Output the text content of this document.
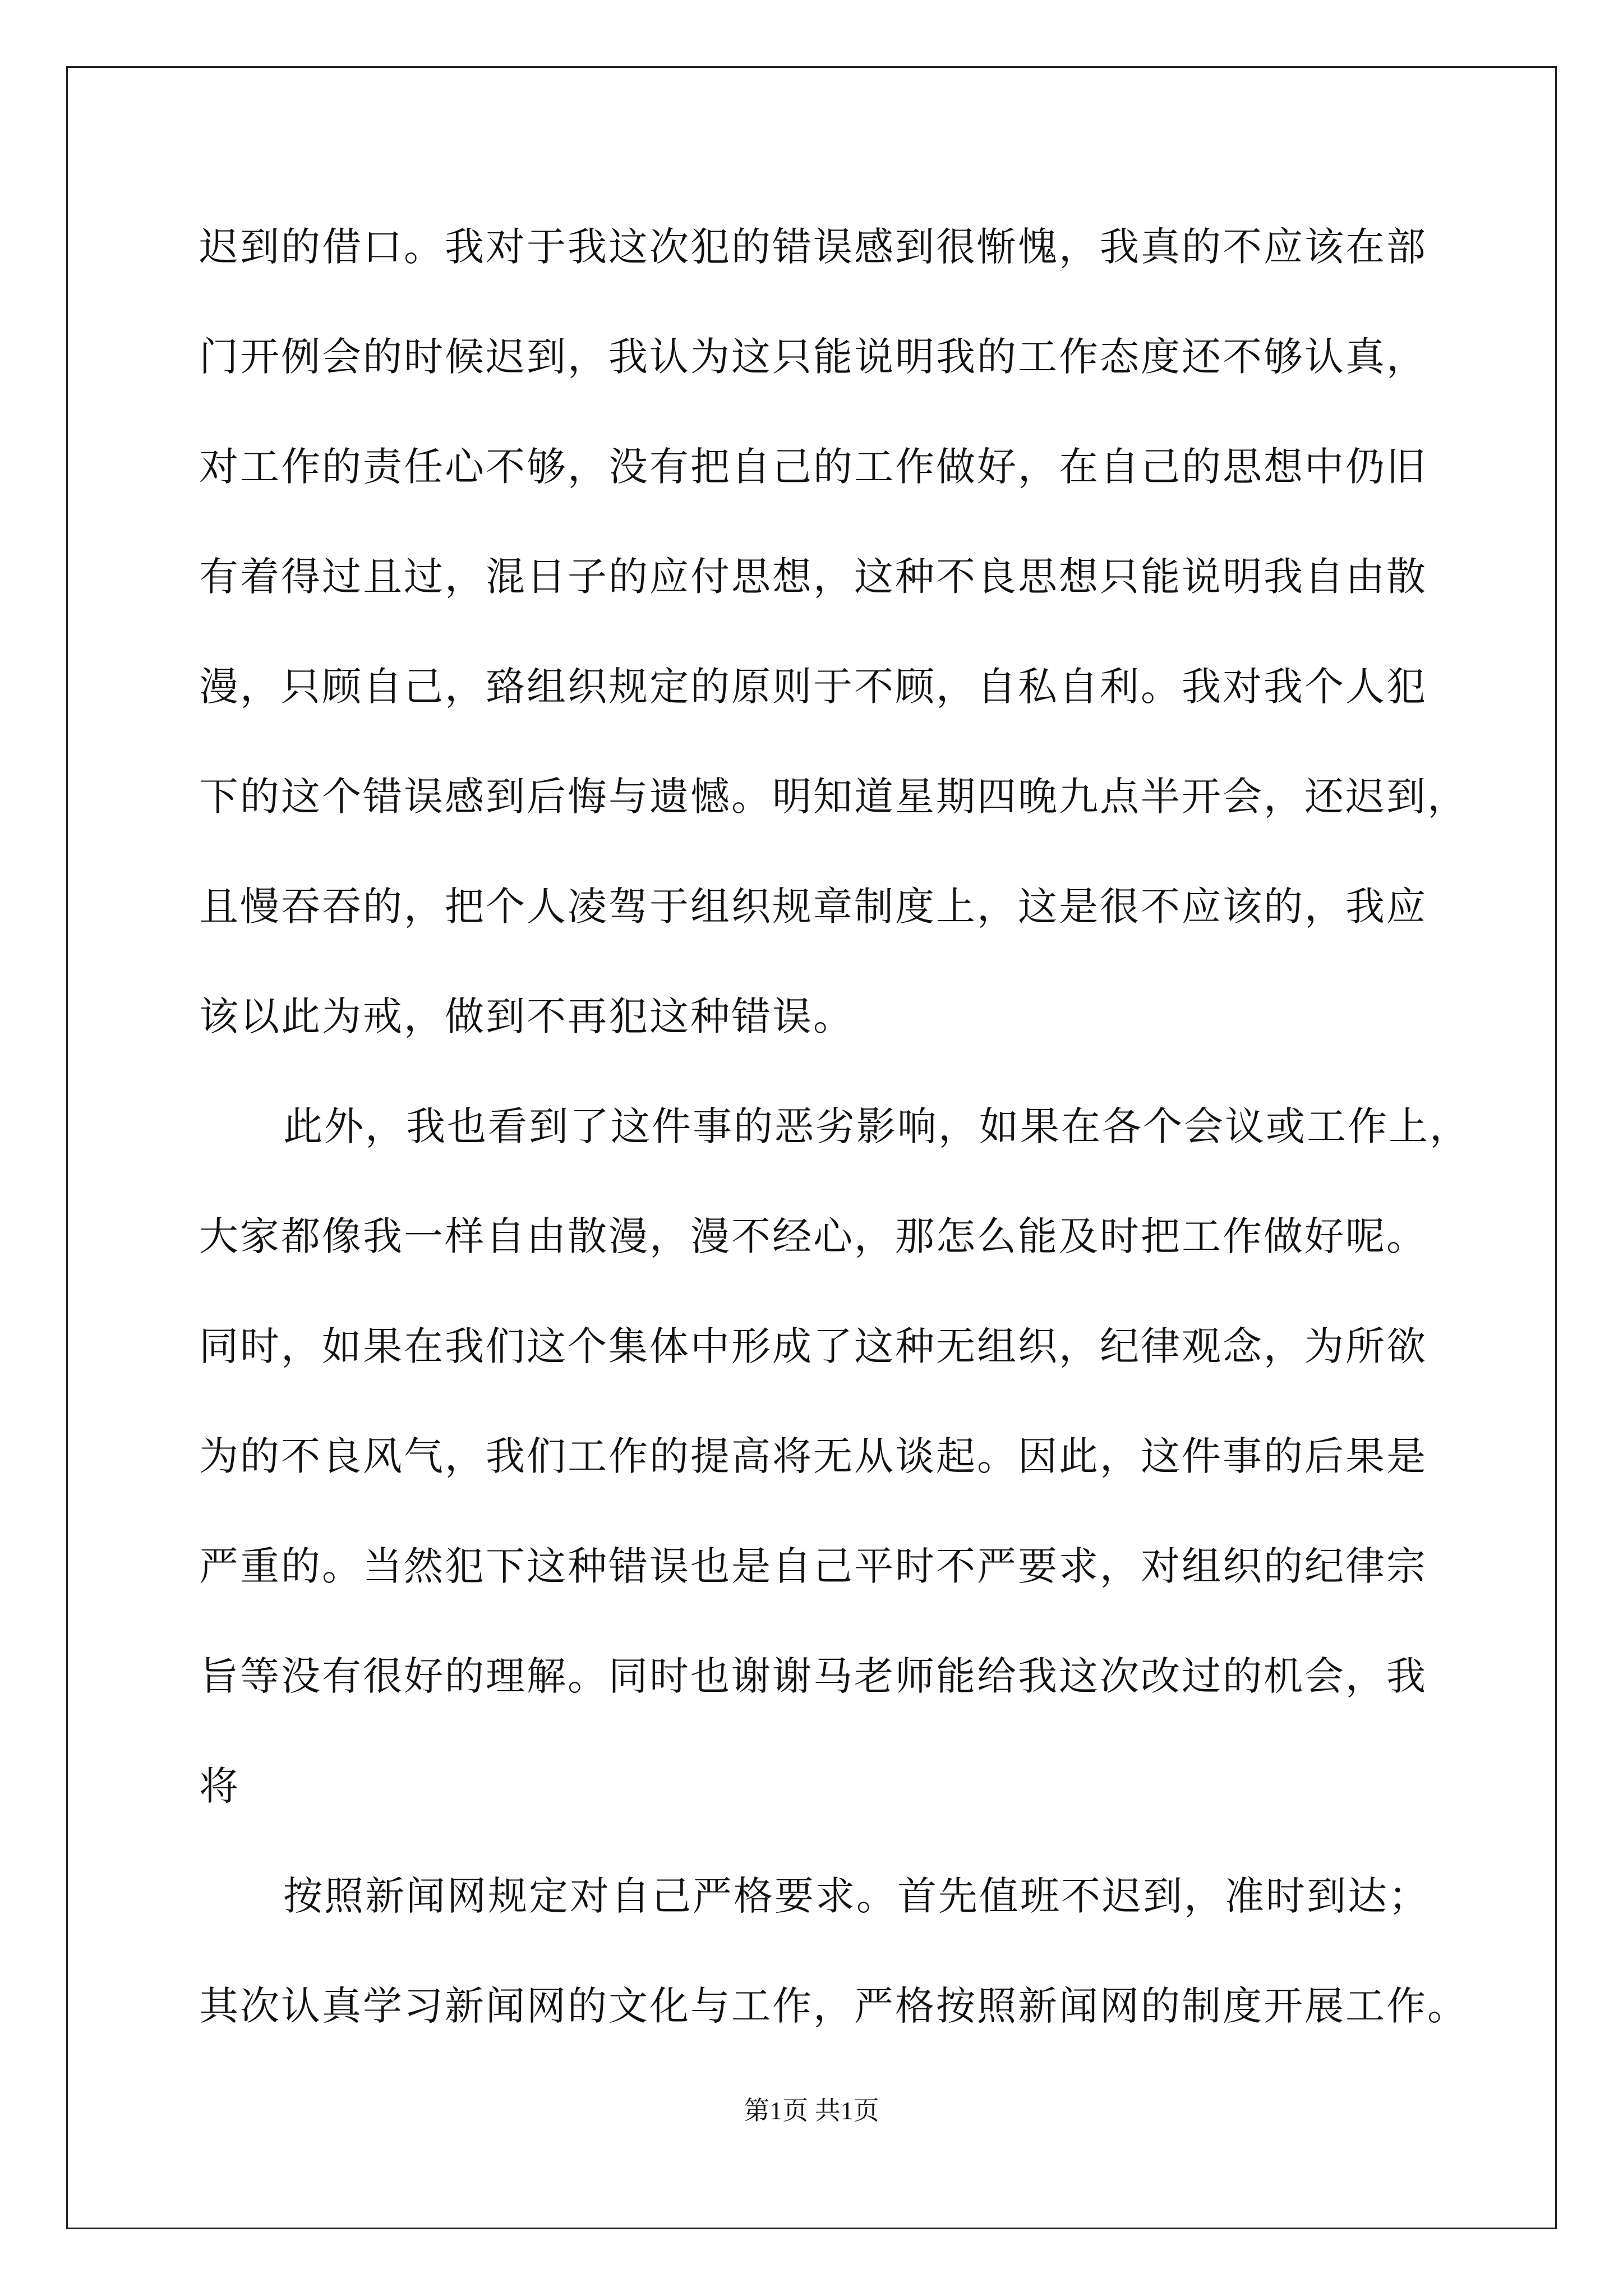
迟到的借口。我对于我这次犯的错误感到很惭愧，我真的不应该在部
门开例会的时候迟到，我认为这只能说明我的工作态度还不够认真，
对工作的责任心不够，没有把自己的工作做好，在自己的思想中仍旧
有着得过且过，混日子的应付思想，这种不良思想只能说明我自由散
漫，只顾自己，臵组织规定的原则于不顾，自私自利。我对我个人犯
下的这个错误感到后悔与遗憾。明知道星期四晚九点半开会，还迟到，
且慢吞吞的，把个人凌驾于组织规章制度上，这是很不应该的，我应
该以此为戒，做到不再犯这种错误。
此外，我也看到了这件事的恶劣影响，如果在各个会议或工作上，
大家都像我一样自由散漫，漫不经心，那怎么能及时把工作做好呢。
同时，如果在我们这个集体中形成了这种无组织，纪律观念，为所欲
为的不良风气，我们工作的提高将无从谈起。因此，这件事的后果是
严重的。当然犯下这种错误也是自己平时不严要求，对组织的纪律宗
旨等没有很好的理解。同时也谢谢马老师能给我这次改过的机会，我
将
按照新闻网规定对自己严格要求。首先值班不迟到，准时到达；
其次认真学习新闻网的文化与工作，严格按照新闻网的制度开展工作。
第1页 共1页
